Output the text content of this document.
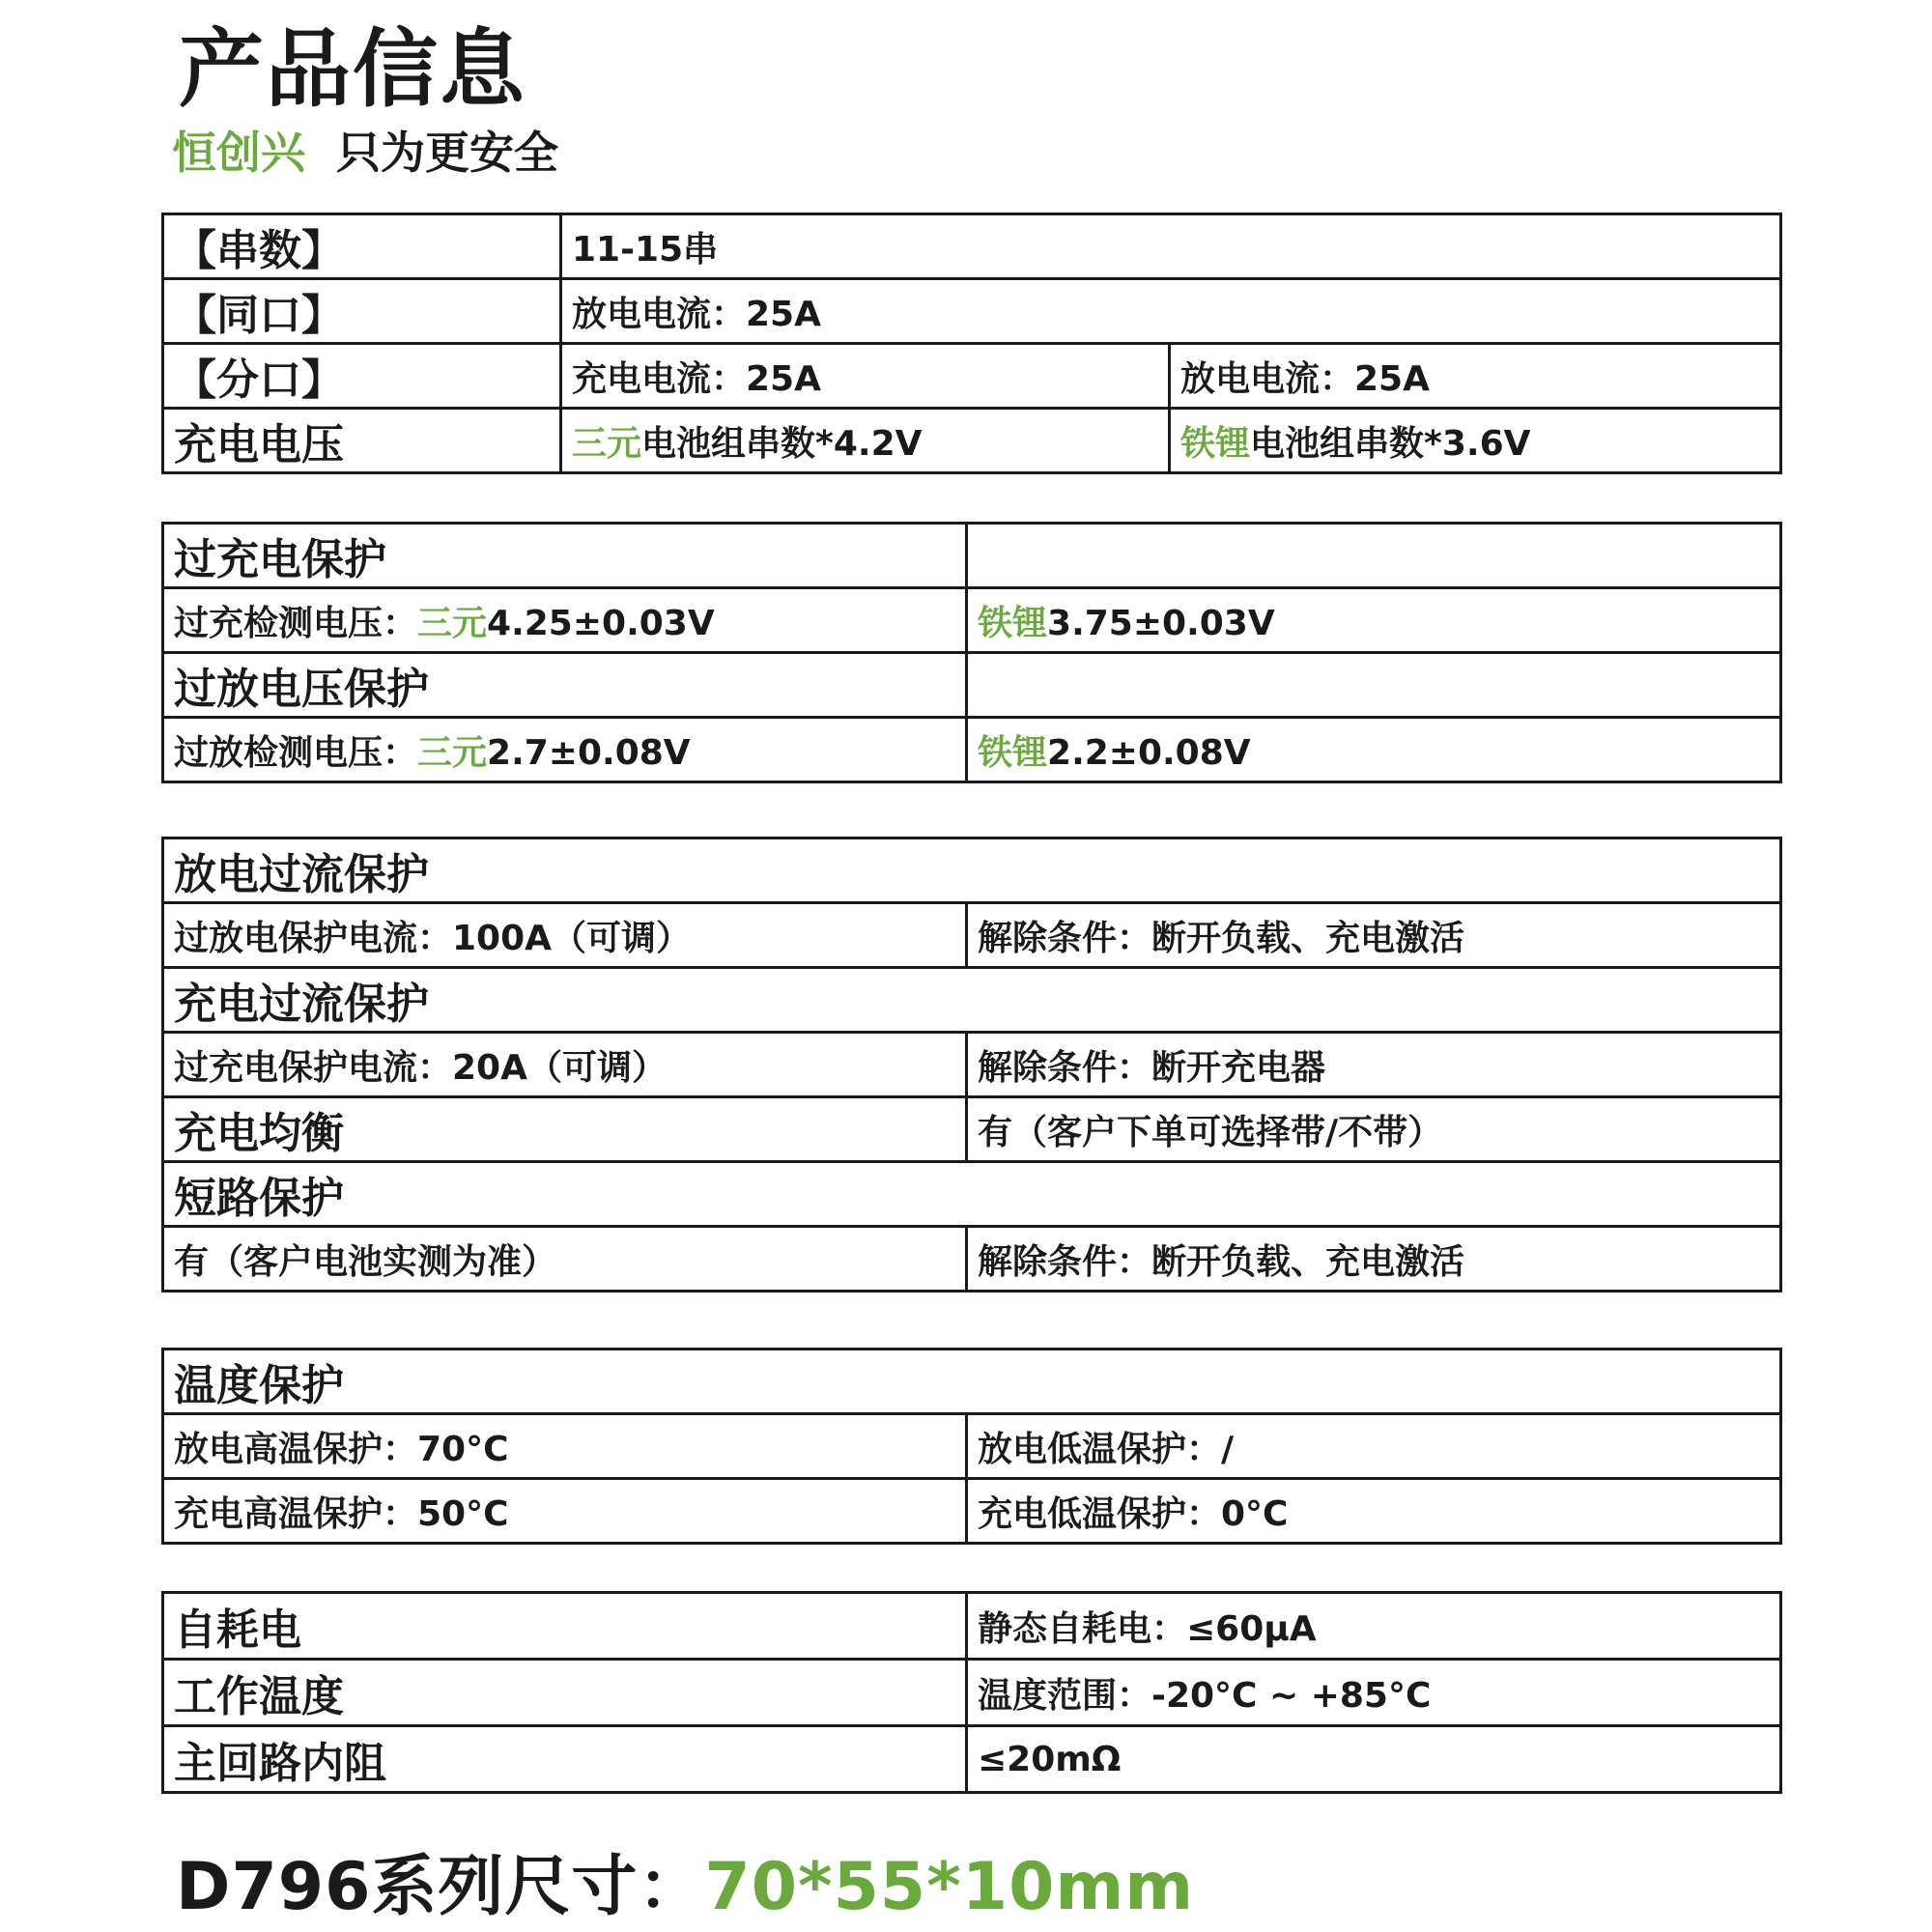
产品信息
恒创兴 只为更安全
【串数】	11-15串	
【同口】	放电电流：25A	
【分口】	充电电流：25A	放电电流：25A
充电电压	三元电池组串数*4.2V	铁锂电池组串数*3.6V
过充电保护	
过充检测电压：三元4.25±0.03V	铁锂3.75±0.03V
过放电压保护	
过放检测电压：三元2.7±0.08V	铁锂2.2±0.08V
放电过流保护	
过放电保护电流：100A（可调）	解除条件：断开负载、充电激活
充电过流保护	
过充电保护电流：20A（可调）	解除条件：断开充电器
充电均衡	有（客户下单可选择带/不带）
短路保护	
有（客户电池实测为准）	解除条件：断开负载、充电激活
温度保护	
放电高温保护：70°C	放电低温保护：/
充电高温保护：50°C	充电低温保护：0°C
自耗电	静态自耗电：≤60μA
工作温度	温度范围：-20°C ~ +85°C
主回路内阻	≤20mΩ
D796系列尺寸：70*55*10mm
